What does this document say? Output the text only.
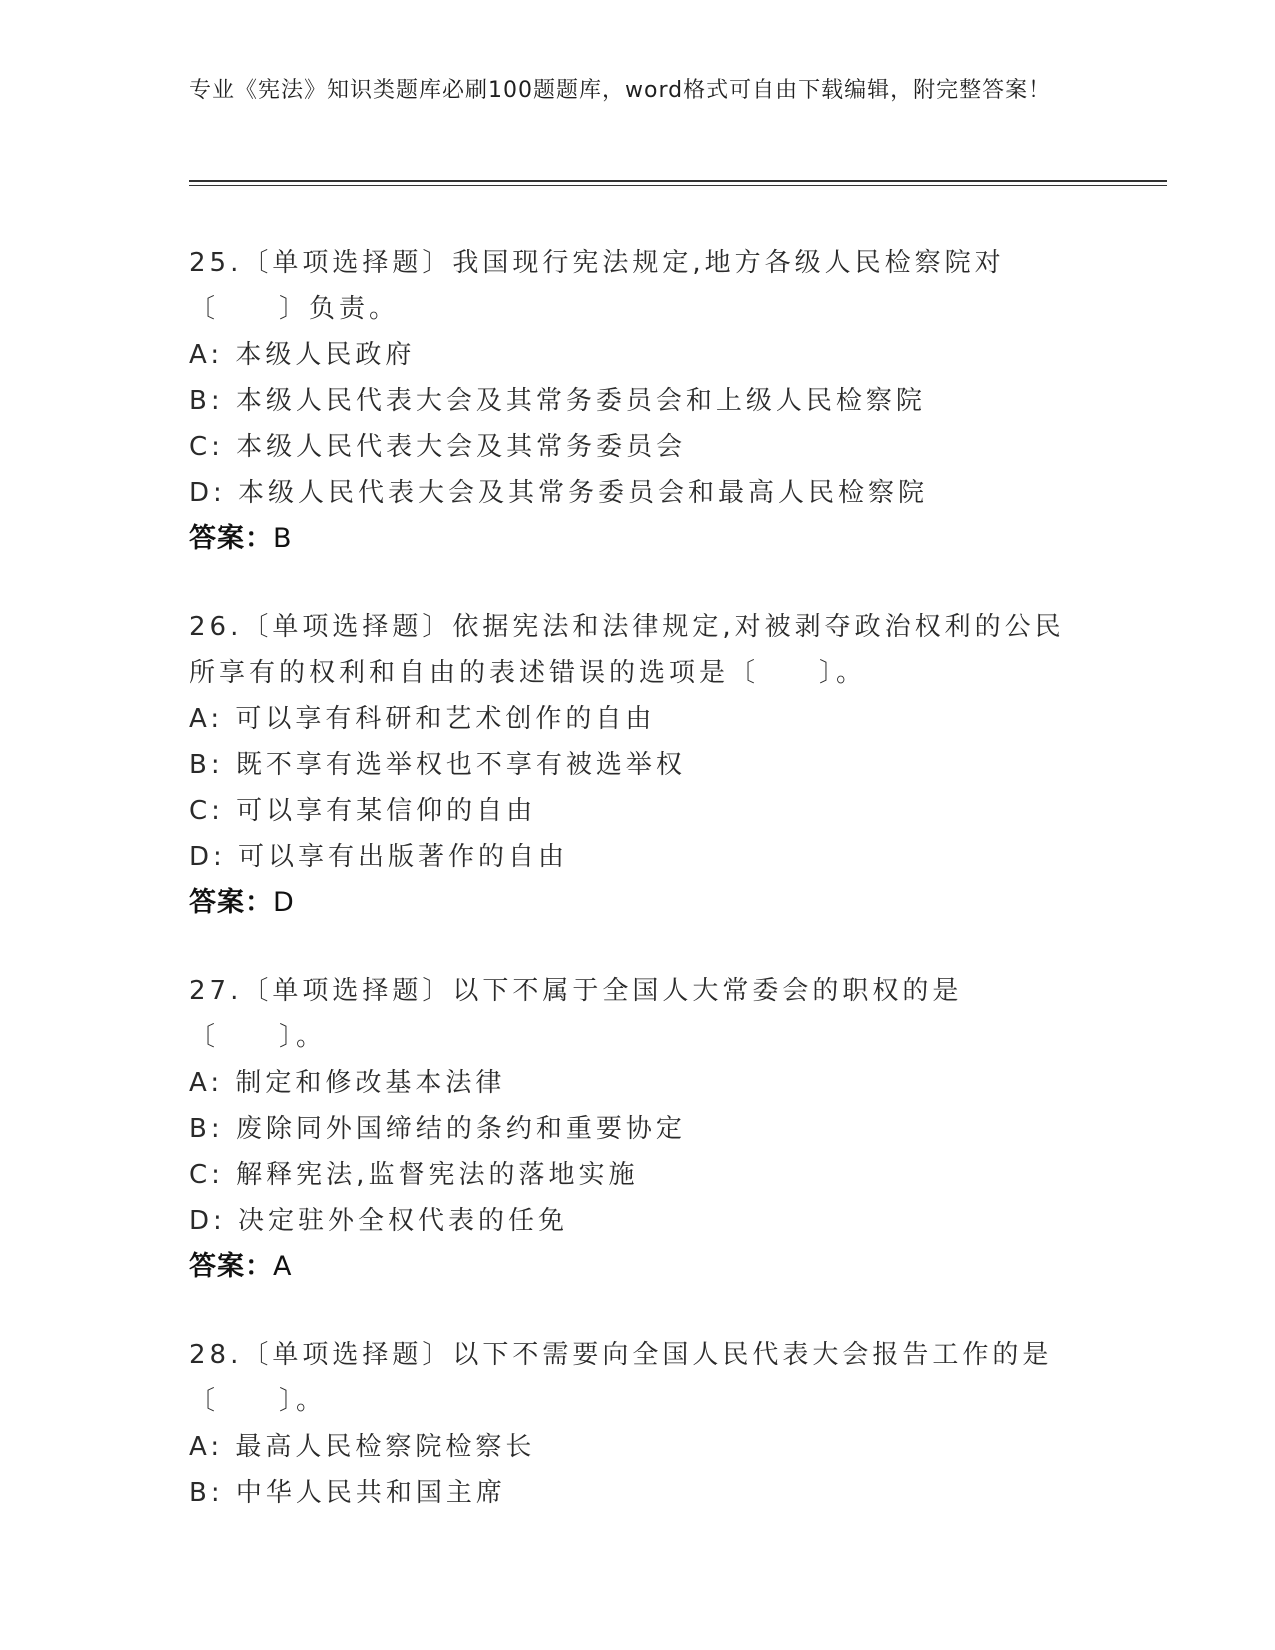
专业《宪法》知识类题库必刷100题题库，word格式可自由下载编辑，附完整答案！
25.〔单项选择题〕我国现行宪法规定,地方各级人民检察院对〔　　〕负责。
A: 本级人民政府
B: 本级人民代表大会及其常务委员会和上级人民检察院
C: 本级人民代表大会及其常务委员会
D: 本级人民代表大会及其常务委员会和最高人民检察院
答案：B
26.〔单项选择题〕依据宪法和法律规定,对被剥夺政治权利的公民所享有的权利和自由的表述错误的选项是〔　　〕。
A: 可以享有科研和艺术创作的自由
B: 既不享有选举权也不享有被选举权
C: 可以享有某信仰的自由
D: 可以享有出版著作的自由
答案：D
27.〔单项选择题〕以下不属于全国人大常委会的职权的是〔　　〕。
A: 制定和修改基本法律
B: 废除同外国缔结的条约和重要协定
C: 解释宪法,监督宪法的落地实施
D: 决定驻外全权代表的任免
答案：A
28.〔单项选择题〕以下不需要向全国人民代表大会报告工作的是〔　　〕。
A: 最高人民检察院检察长
B: 中华人民共和国主席
